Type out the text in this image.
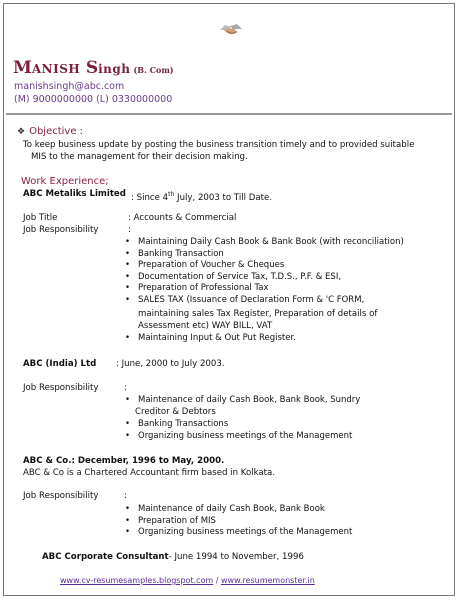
MANISH Singh (B. Com)
manishsingh@abc.com
(M) 9000000000 (L) 0330000000
❖ Objective :
To keep business update by posting the business transition timely and to provided suitable
MIS to the management for their decision making.
Work Experience;
ABC Metaliks Limited : Since 4th July, 2003 to Till Date.
Job Title	: Accounts & Commercial
Job Responsibility	:
• Maintaining Daily Cash Book & Bank Book (with reconciliation)
• Banking Transaction
• Preparation of Voucher & Cheques
• Documentation of Service Tax, T.D.S., P.F. & ESI,
• Preparation of Professional Tax
• SALES TAX (Issuance of Declaration Form & 'C FORM,
maintaining sales Tax Register, Preparation of details of
Assessment etc) WAY BILL, VAT
• Maintaining Input & Out Put Register.
ABC (India) Ltd : June, 2000 to July 2003.
Job Responsibility	:
• Maintenance of daily Cash Book, Bank Book, Sundry
Creditor & Debtors
• Banking Transactions
• Organizing business meetings of the Management
ABC & Co.: December, 1996 to May, 2000.
ABC & Co is a Chartered Accountant firm based in Kolkata.
Job Responsibility	:
• Maintenance of daily Cash Book, Bank Book
• Preparation of MIS
• Organizing business meetings of the Management
ABC Corporate Consultant- June 1994 to November, 1996
www.cv-resumesamples.blogspot.com / www.resumemonster.in
